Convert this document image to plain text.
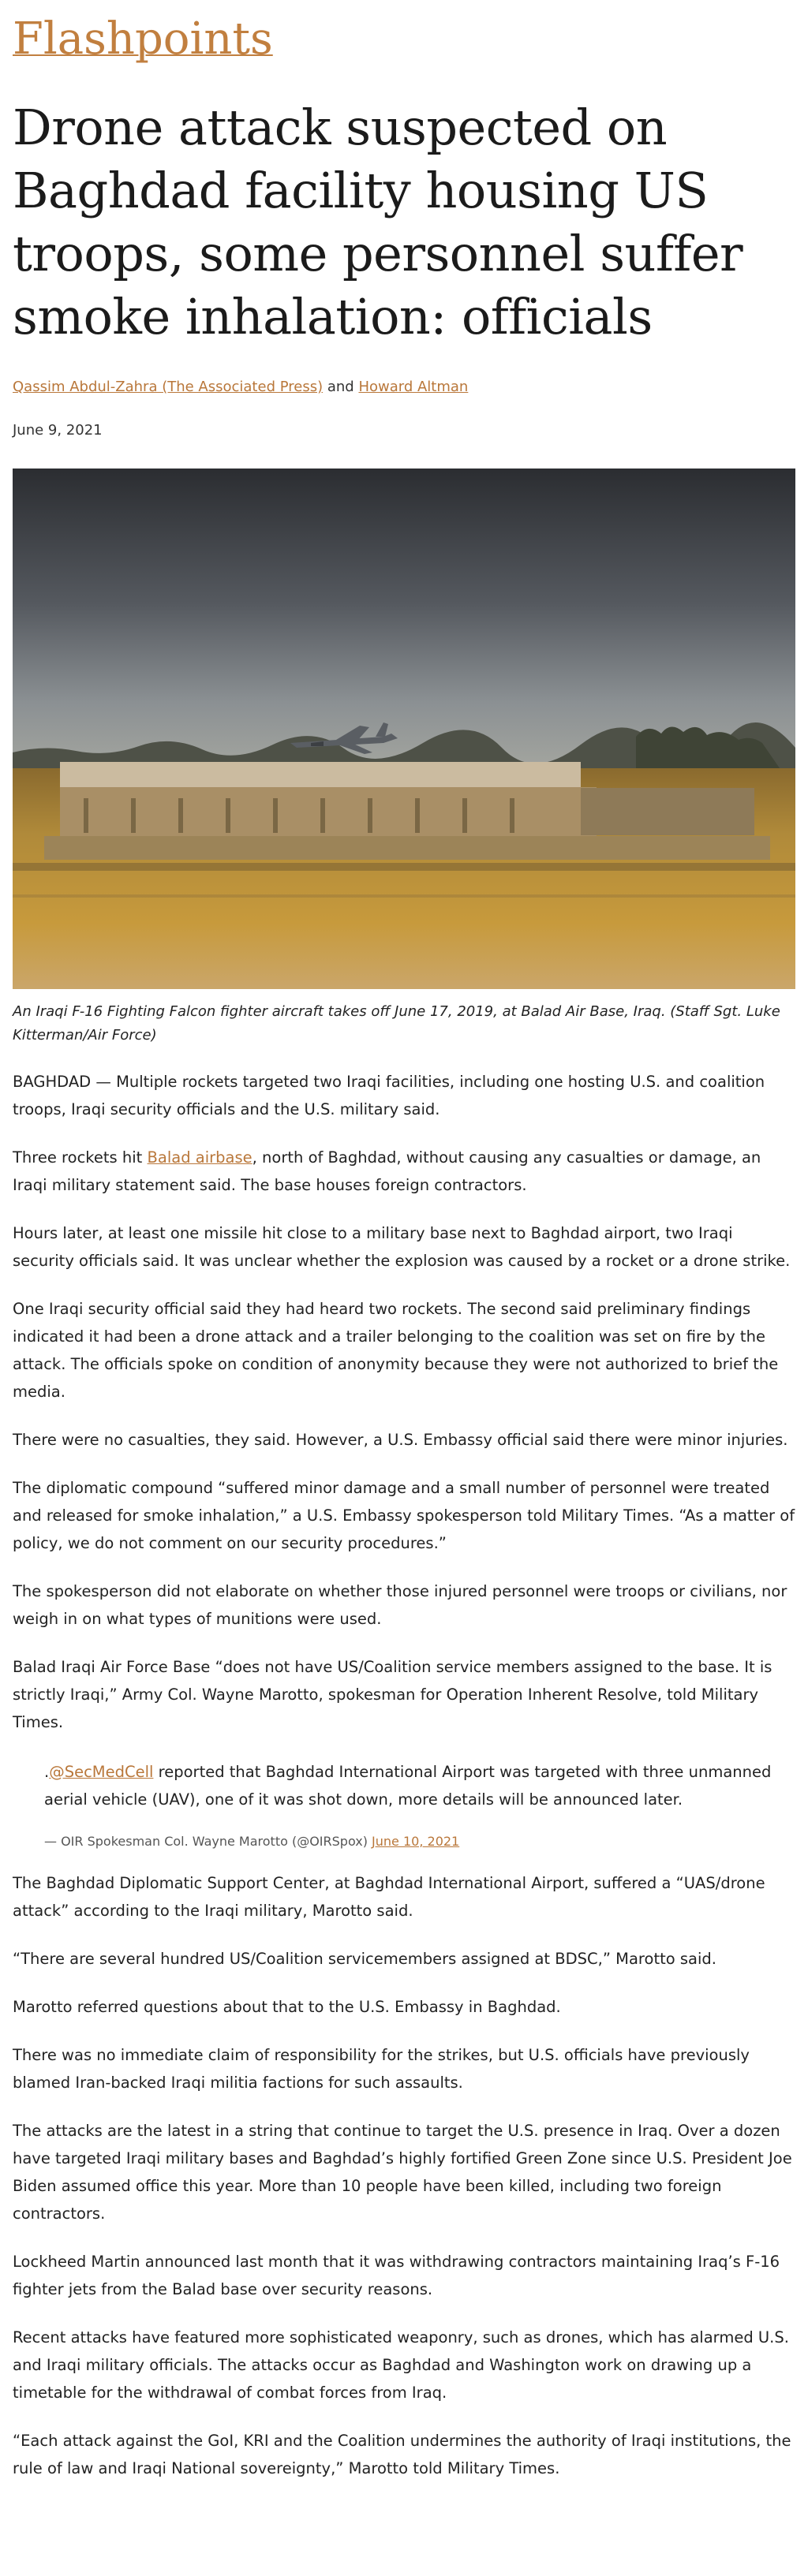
Flashpoints
Drone attack suspected on Baghdad facility housing US troops, some personnel suffer smoke inhalation: officials
Qassim Abdul-Zahra (The Associated Press) and Howard Altman
June 9, 2021
An Iraqi F-16 Fighting Falcon fighter aircraft takes off June 17, 2019, at Balad Air Base, Iraq. (Staff Sgt. Luke Kitterman/Air Force)

BAGHDAD — Multiple rockets targeted two Iraqi facilities, including one hosting U.S. and coalition troops, Iraqi security officials and the U.S. military said.

Three rockets hit Balad airbase, north of Baghdad, without causing any casualties or damage, an Iraqi military statement said. The base houses foreign contractors.

Hours later, at least one missile hit close to a military base next to Baghdad airport, two Iraqi security officials said. It was unclear whether the explosion was caused by a rocket or a drone strike.

One Iraqi security official said they had heard two rockets. The second said preliminary findings indicated it had been a drone attack and a trailer belonging to the coalition was set on fire by the attack. The officials spoke on condition of anonymity because they were not authorized to brief the media.

There were no casualties, they said. However, a U.S. Embassy official said there were minor injuries.

The diplomatic compound “suffered minor damage and a small number of personnel were treated and released for smoke inhalation,” a U.S. Embassy spokesperson told Military Times. “As a matter of policy, we do not comment on our security procedures.”

The spokesperson did not elaborate on whether those injured personnel were troops or civilians, nor weigh in on what types of munitions were used.

Balad Iraqi Air Force Base “does not have US/Coalition service members assigned to the base. It is strictly Iraqi,” Army Col. Wayne Marotto, spokesman for Operation Inherent Resolve, told Military Times.

.@SecMedCell reported that Baghdad International Airport was targeted with three unmanned aerial vehicle (UAV), one of it was shot down, more details will be announced later.

— OIR Spokesman Col. Wayne Marotto (@OIRSpox) June 10, 2021

The Baghdad Diplomatic Support Center, at Baghdad International Airport, suffered a “UAS/drone attack” according to the Iraqi military, Marotto said.

“There are several hundred US/Coalition servicemembers assigned at BDSC,” Marotto said.

Marotto referred questions about that to the U.S. Embassy in Baghdad.

There was no immediate claim of responsibility for the strikes, but U.S. officials have previously blamed Iran-backed Iraqi militia factions for such assaults.

The attacks are the latest in a string that continue to target the U.S. presence in Iraq. Over a dozen have targeted Iraqi military bases and Baghdad’s highly fortified Green Zone since U.S. President Joe Biden assumed office this year. More than 10 people have been killed, including two foreign contractors.

Lockheed Martin announced last month that it was withdrawing contractors maintaining Iraq’s F-16 fighter jets from the Balad base over security reasons.

Recent attacks have featured more sophisticated weaponry, such as drones, which has alarmed U.S. and Iraqi military officials. The attacks occur as Baghdad and Washington work on drawing up a timetable for the withdrawal of combat forces from Iraq.

“Each attack against the GoI, KRI and the Coalition undermines the authority of Iraqi institutions, the rule of law and Iraqi National sovereignty,” Marotto told Military Times.
